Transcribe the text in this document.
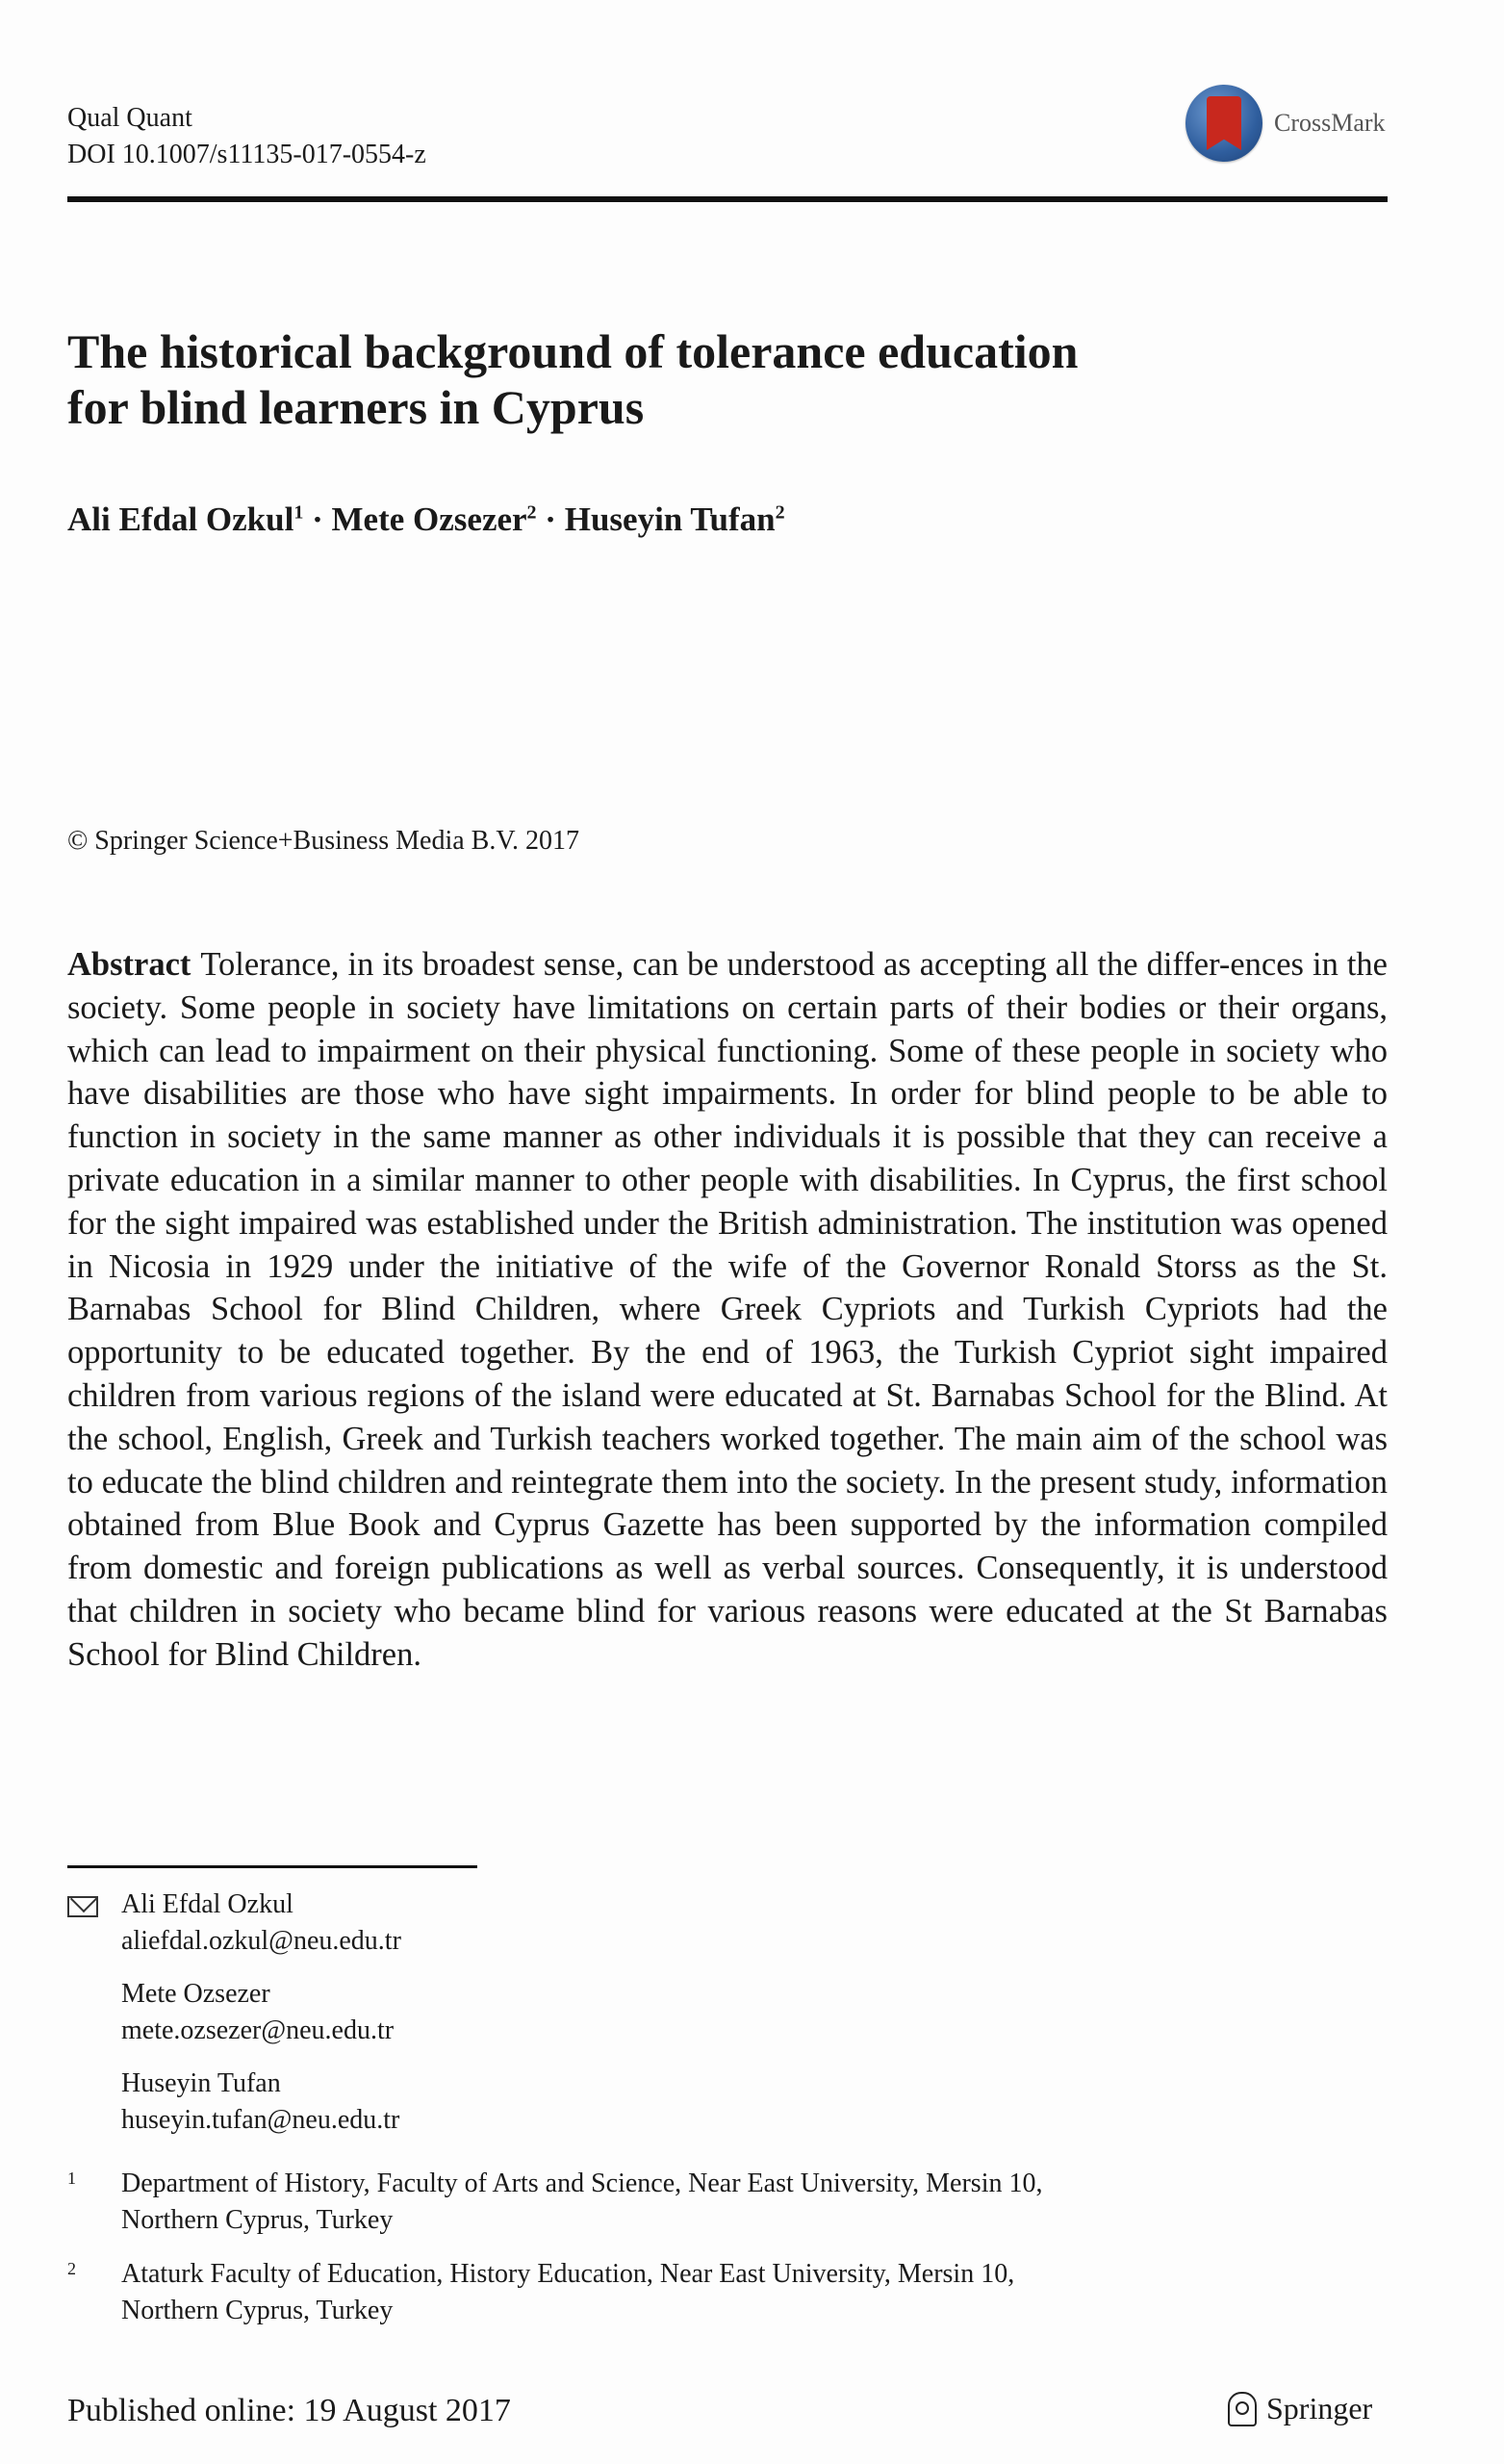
Qual Quant
DOI 10.1007/s11135-017-0554-z
CrossMark
The historical background of tolerance education
for blind learners in Cyprus
Ali Efdal Ozkul$^1$ · Mete Ozsezer$^2$ · Huseyin Tufan$^2$
© Springer Science+Business Media B.V. 2017

Abstract Tolerance, in its broadest sense, can be understood as accepting all the differ-ences in the society. Some people in society have limitations on certain parts of their bodies or their organs, which can lead to impairment on their physical functioning. Some of these people in society who have disabilities are those who have sight impairments. In order for blind people to be able to function in society in the same manner as other individuals it is possible that they can receive a private education in a similar manner to other people with disabilities. In Cyprus, the first school for the sight impaired was established under the British administration. The institution was opened in Nicosia in 1929 under the initiative of the wife of the Governor Ronald Storss as the St. Barnabas School for Blind Children, where Greek Cypriots and Turkish Cypriots had the opportunity to be educated together. By the end of 1963, the Turkish Cypriot sight impaired children from various regions of the island were educated at St. Barnabas School for the Blind. At the school, English, Greek and Turkish teachers worked together. The main aim of the school was to educate the blind children and reintegrate them into the society. In the present study, information obtained from Blue Book and Cyprus Gazette has been supported by the information compiled from domestic and foreign publications as well as verbal sources. Consequently, it is understood that children in society who became blind for various reasons were educated at the St Barnabas School for Blind Children.

Ali Efdal Ozkul
aliefdal.ozkul@neu.edu.tr
Mete Ozsezer
mete.ozsezer@neu.edu.tr
Huseyin Tufan
huseyin.tufan@neu.edu.tr
1 Department of History, Faculty of Arts and Science, Near East University, Mersin 10,
Northern Cyprus, Turkey
2 Ataturk Faculty of Education, History Education, Near East University, Mersin 10,
Northern Cyprus, Turkey
Published online: 19 August 2017	Springer
